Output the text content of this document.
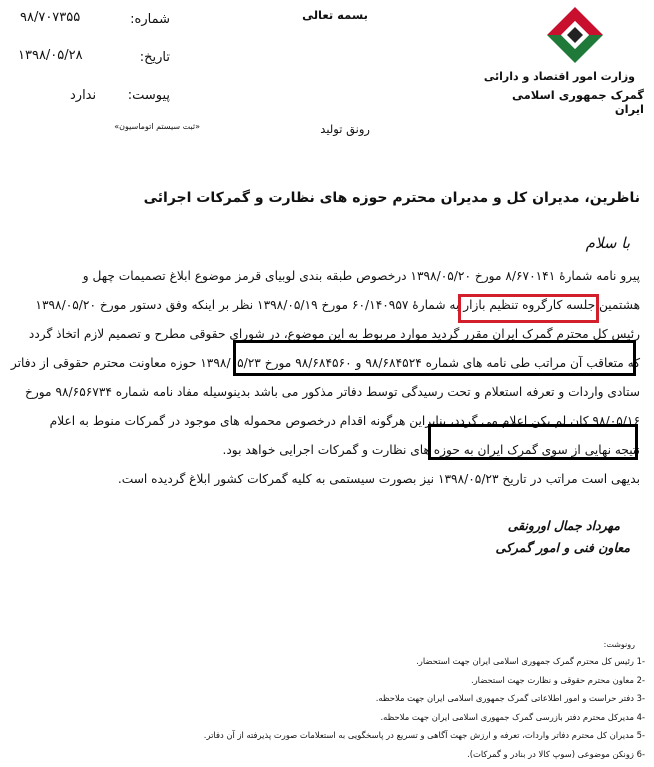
وزارت امور اقتصاد و دارائی
گمرک جمهوری اسلامی ایران
بسمه تعالی
شماره:
۹۸/۷۰۷۳۵۵
تاریخ:
۱۳۹۸/۰۵/۲۸
پیوست:
ندارد
«ثبت سیستم اتوماسیون»	رونق تولید
ناظرین، مدیران کل و مدیران محترم حوزه های نظارت و گمرکات اجرائی
با سلام

پیرو نامه شمارۀ ۸/۶۷۰۱۴۱ مورخ ۱۳۹۸/۰۵/۲۰ درخصوص طبقه بندی لوبیای قرمز موضوع ابلاغ تصمیمات چهل و

هشتمین جلسه کارگروه تنظیم بازار به شمارۀ ۶۰/۱۴۰۹۵۷ مورخ ۱۳۹۸/۰۵/۱۹ نظر بر اینکه وفق دستور مورخ ۱۳۹۸/۰۵/۲۰

رئیس کل محترم گمرک ایران مقرر گردید موارد مربوط به این موضوع، در شورای حقوقی مطرح و تصمیم لازم اتخاذ گردد

که متعاقب آن مراتب طی نامه های شماره ۹۸/۶۸۴۵۲۴ و ۹۸/۶۸۴۵۶۰ مورخ ۱۳۹۸/۰۵/۲۳ حوزه معاونت محترم حقوقی از دفاتر

ستادی واردات و تعرفه استعلام و تحت رسیدگی توسط دفاتر مذکور می باشد بدینوسیله مفاد نامه شماره ۹۸/۶۵۶۷۳۴ مورخ

۹۸/۰۵/۱۶ کان لم یکن اعلام می گردد، بنابراین هرگونه اقدام درخصوص محموله های موجود در گمرکات منوط به اعلام

نتیجه نهایی از سوی گمرک ایران به حوزه های نظارت و گمرکات اجرایی خواهد بود.

بدیهی است مراتب در تاریخ ۱۳۹۸/۰۵/۲۳ نیز بصورت سیستمی به کلیه گمرکات کشور ابلاغ گردیده است.

مهرداد جمال اورونقی
معاون فنی و امور گمرکی
رونوشت:
-1 رئیس کل محترم گمرک جمهوری اسلامی ایران جهت استحضار.
-2 معاون محترم حقوقی و نظارت جهت استحضار.
-3 دفتر حراست و امور اطلاعاتی گمرک جمهوری اسلامی ایران جهت ملاحظه.
-4 مدیرکل محترم دفتر بازرسی گمرک جمهوری اسلامی ایران جهت ملاحظه.
-5 مدیران کل محترم دفاتر واردات، تعرفه و ارزش جهت آگاهی و تسریع در پاسخگویی به استعلامات صورت پذیرفته از آن دفاتر.
-6 زونکن موضوعی (سوپ کالا در بنادر و گمرکات).
